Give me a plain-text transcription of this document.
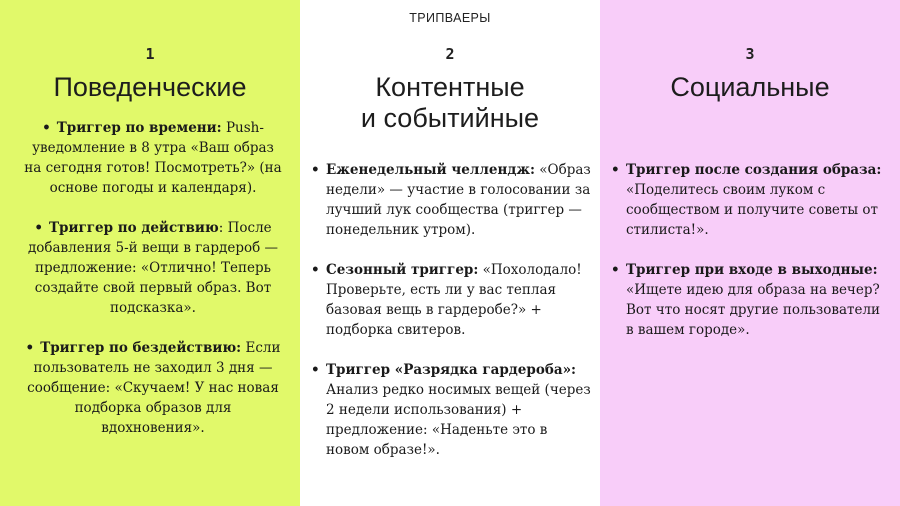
1
Поведенческие
• Триггер по времени: Push-уведомление в 8 утра «Ваш образ на сегодня готов! Посмотреть?» (на основе погоды и календаря).
• Триггер по действию: После добавления 5-й вещи в гардероб — предложение: «Отлично! Теперь создайте свой первый образ. Вот подсказка».
• Триггер по бездействию: Если пользователь не заходил 3 дня — сообщение: «Скучаем! У нас новая подборка образов для вдохновения».
2
Контентные
и событийные
• Еженедельный челлендж: «Образ недели» — участие в голосовании за лучший лук сообщества (триггер — понедельник утром).
• Сезонный триггер: «Похолодало! Проверьте, есть ли у вас теплая базовая вещь в гардеробе?» + подборка свитеров.
• Триггер «Разрядка гардероба»: Анализ редко носимых вещей (через 2 недели использования) + предложение: «Наденьте это в новом образе!».
3
Социальные
• Триггер после создания образа: «Поделитесь своим луком с сообществом и получите советы от стилиста!».
• Триггер при входе в выходные: «Ищете идею для образа на вечер? Вот что носят другие пользователи в вашем городе».
ТРИПВАЕРЫ
